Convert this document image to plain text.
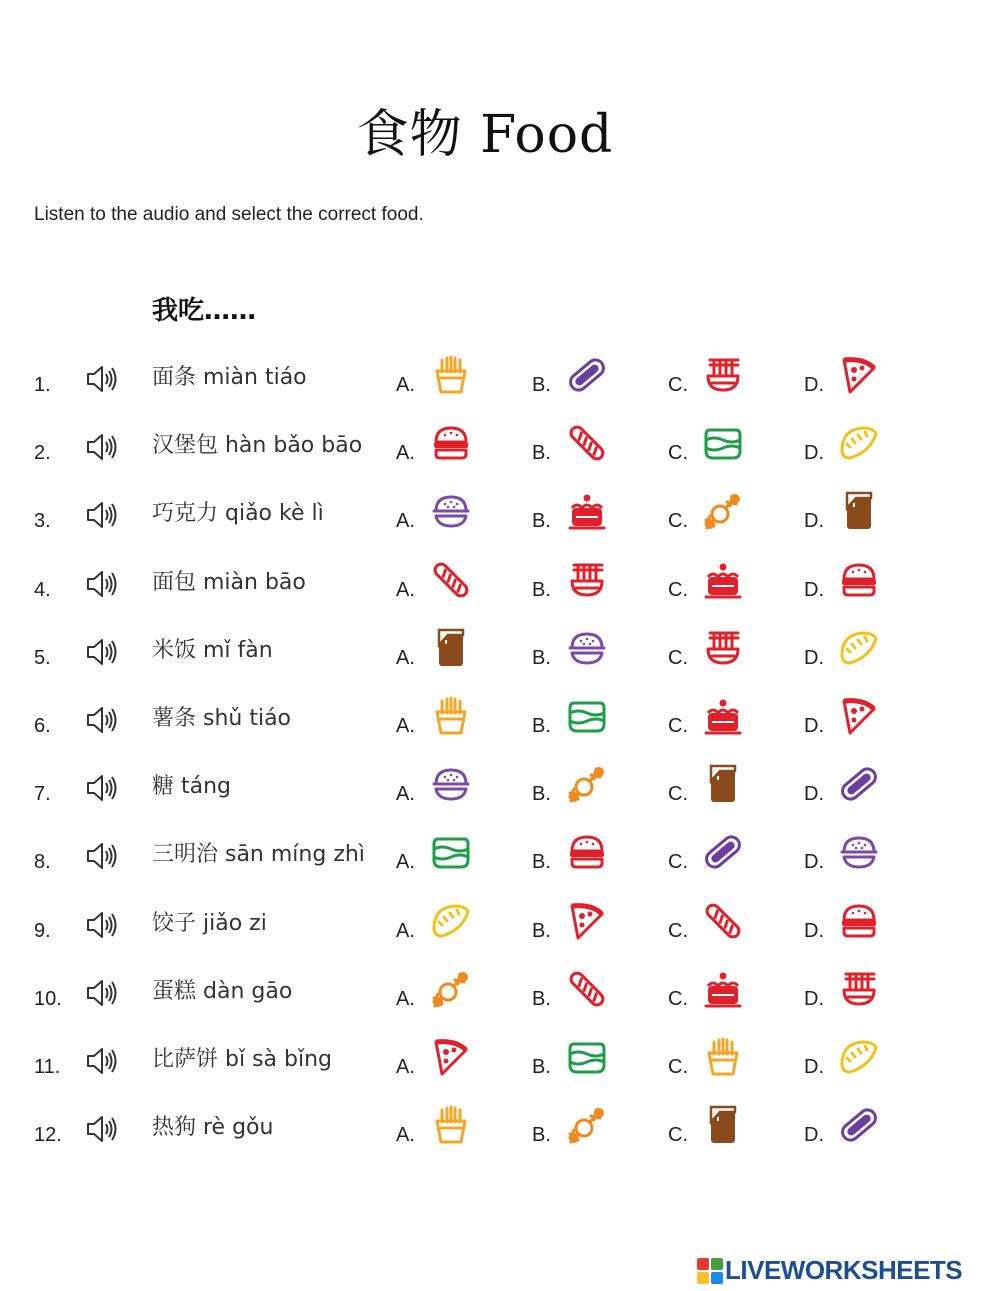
食物 Food
Listen to the audio and select the correct food.
我吃……
1.	面条 miàn tiáo	A.	B.	C.	D.
2.	汉堡包 hàn bǎo bāo A.	B.	C.	D.
3.	巧克力 qiǎo kè lì	A.	B.	C.	D.
4.	面包 miàn bāo	A.	B.	C.	D.
5.	米饭 mǐ fàn	A.	B.	C.	D.
6.	薯条 shǔ tiáo	A.	B.	C.	D.
7.	糖 táng	A.	B.	C.	D.
8.	三明治 sān míng zhì A.	B.	C.	D.
9.	饺子 jiǎo zi	A.	B.	C.	D.
10.	蛋糕 dàn gāo	A.	B.	C.	D.
11.	比萨饼 bǐ sà bǐng	A.	B.	C.	D.
12.	热狗 rè gǒu	A.	B.	C.	D.
LIVEWORKSHEETS
